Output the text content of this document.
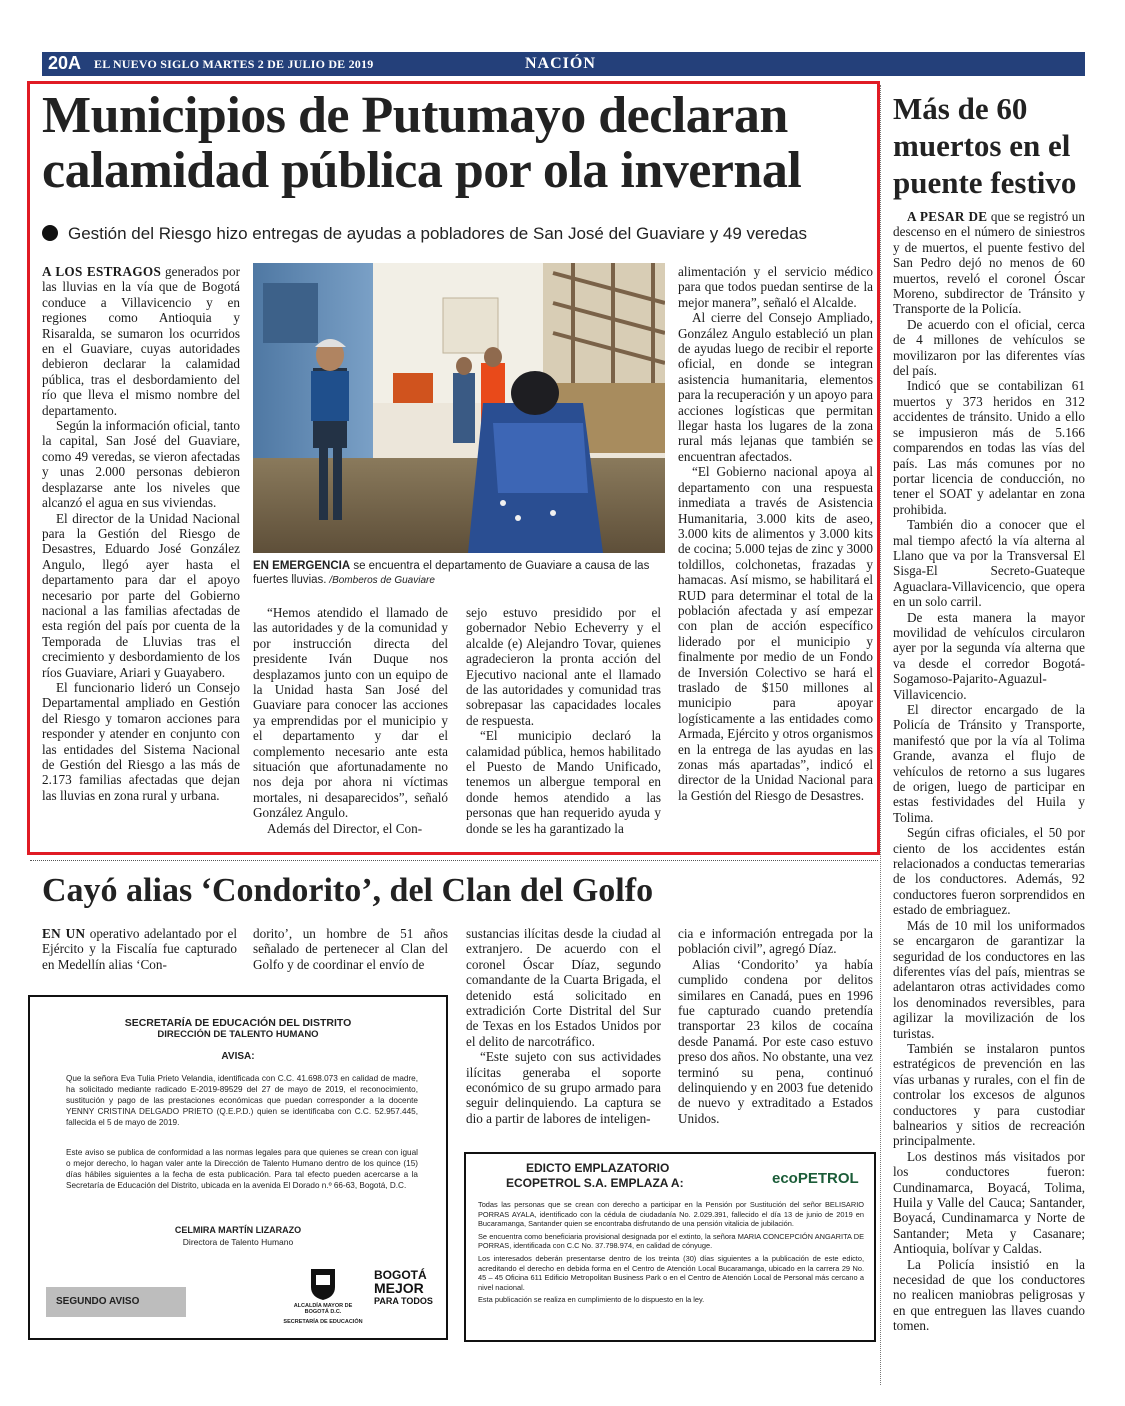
20A EL NUEVO SIGLO MARTES 2 DE JULIO DE 2019	NACIÓN
Municipios de Putumayo declaran calamidad pública por ola invernal
Gestión del Riesgo hizo entregas de ayudas a pobladores de San José del Guaviare y 49 veredas

A LOS ESTRAGOS generados por las lluvias en la vía que de Bogotá conduce a Villavicencio y en regiones como Antioquia y Risaralda, se sumaron los ocurridos en el Guaviare, cuyas autoridades debieron declarar la calamidad pública, tras el desbordamiento del río que lleva el mismo nombre del departamento.

Según la información oficial, tanto la capital, San José del Guaviare, como 49 veredas, se vieron afectadas y unas 2.000 personas debieron desplazarse ante los niveles que alcanzó el agua en sus viviendas.

El director de la Unidad Nacional para la Gestión del Riesgo de Desastres, Eduardo José González Angulo, llegó ayer hasta el departamento para dar el apoyo necesario por parte del Gobierno nacional a las familias afectadas de esta región del país por cuenta de la Temporada de Lluvias tras el crecimiento y desbordamiento de los ríos Guaviare, Ariari y Guayabero.

El funcionario lideró un Consejo Departamental ampliado en Gestión del Riesgo y tomaron acciones para responder y atender en conjunto con las entidades del Sistema Nacional de Gestión del Riesgo a las más de 2.173 familias afectadas que dejan las lluvias en zona rural y urbana.

EN EMERGENCIA se encuentra el departamento de Guaviare a causa de las fuertes lluvias. /Bomberos de Guaviare

“Hemos atendido el llamado de las autoridades y de la comunidad y por instrucción directa del presidente Iván Duque nos desplazamos junto con un equipo de la Unidad hasta San José del Guaviare para conocer las acciones ya emprendidas por el municipio y el departamento y dar el complemento necesario ante esta situación que afortunadamente no nos deja por ahora ni víctimas mortales, ni desaparecidos”, señaló González Angulo.

Además del Director, el Con-

sejo estuvo presidido por el gobernador Nebio Echeverry y el alcalde (e) Alejandro Tovar, quienes agradecieron la pronta acción del Ejecutivo nacional ante el llamado de las autoridades y comunidad tras sobrepasar las capacidades locales de respuesta.

“El municipio declaró la calamidad pública, hemos habilitado el Puesto de Mando Unificado, tenemos un albergue temporal en donde hemos atendido a las personas que han requerido ayuda y donde se les ha garantizado la

alimentación y el servicio médico para que todos puedan sentirse de la mejor manera”, señaló el Alcalde.

Al cierre del Consejo Ampliado, González Angulo estableció un plan de ayudas luego de recibir el reporte oficial, en donde se integran asistencia humanitaria, elementos para la recuperación y un apoyo para acciones logísticas que permitan llegar hasta los lugares de la zona rural más lejanas que también se encuentran afectados.

“El Gobierno nacional apoya al departamento con una respuesta inmediata a través de Asistencia Humanitaria, 3.000 kits de aseo, 3.000 kits de alimentos y 3.000 kits de cocina; 5.000 tejas de zinc y 3000 toldillos, colchonetas, frazadas y hamacas. Así mismo, se habilitará el RUD para determinar el total de la población afectada y así empezar con plan de acción específico liderado por el municipio y finalmente por medio de un Fondo de Inversión Colectivo se hará el traslado de $150 millones al municipio para apoyar logísticamente a las entidades como Armada, Ejército y otros organismos en la entrega de las ayudas en las zonas más apartadas”, indicó el director de la Unidad Nacional para la Gestión del Riesgo de Desastres.

Más de 60 muertos en el puente festivo

A PESAR DE que se registró un descenso en el número de siniestros y de muertos, el puente festivo del San Pedro dejó no menos de 60 muertos, reveló el coronel Óscar Moreno, subdirector de Tránsito y Transporte de la Policía.

De acuerdo con el oficial, cerca de 4 millones de vehículos se movilizaron por las diferentes vías del país.

Indicó que se contabilizan 61 muertos y 373 heridos en 312 accidentes de tránsito. Unido a ello se impusieron más de 5.166 comparendos en todas las vías del país. Las más comunes por no portar licencia de conducción, no tener el SOAT y adelantar en zona prohibida.

También dio a conocer que el mal tiempo afectó la vía alterna al Llano que va por la Transversal El Sisga-El Secreto-Guateque Aguaclara-Villavicencio, que opera en un solo carril.

De esta manera la mayor movilidad de vehículos circularon ayer por la segunda vía alterna que va desde el corredor Bogotá-Sogamoso-Pajarito-Aguazul-Villavicencio.

El director encargado de la Policía de Tránsito y Transporte, manifestó que por la vía al Tolima Grande, avanza el flujo de vehículos de retorno a sus lugares de origen, luego de participar en estas festividades del Huila y Tolima.

Según cifras oficiales, el 50 por ciento de los accidentes están relacionados a conductas temerarias de los conductores. Además, 92 conductores fueron sorprendidos en estado de embriaguez.

Más de 10 mil los uniformados se encargaron de garantizar la seguridad de los conductores en las diferentes vías del país, mientras se adelantaron otras actividades como los denominados reversibles, para agilizar la movilización de los turistas.

También se instalaron puntos estratégicos de prevención en las vías urbanas y rurales, con el fin de controlar los excesos de algunos conductores y para custodiar balnearios y sitios de recreación principalmente.

Los destinos más visitados por los conductores fueron: Cundinamarca, Boyacá, Tolima, Huila y Valle del Cauca; Santander, Boyacá, Cundinamarca y Norte de Santander; Meta y Casanare; Antioquia, bolívar y Caldas.

La Policía insistió en la necesidad de que los conductores no realicen maniobras peligrosas y en que entreguen las llaves cuando tomen.

Cayó alias ‘Condorito’, del Clan del Golfo

EN UN operativo adelantado por el Ejército y la Fiscalía fue capturado en Medellín alias ‘Con-

dorito’, un hombre de 51 años señalado de pertenecer al Clan del Golfo y de coordinar el envío de

sustancias ilícitas desde la ciudad al extranjero. De acuerdo con el coronel Óscar Díaz, segundo comandante de la Cuarta Brigada, el detenido está solicitado en extradición Corte Distrital del Sur de Texas en los Estados Unidos por el delito de narcotráfico.

“Este sujeto con sus actividades ilícitas generaba el soporte económico de su grupo armado para seguir delinquiendo. La captura se dio a partir de labores de inteligen-

cia e información entregada por la población civil”, agregó Díaz.

Alias ‘Condorito’ ya había cumplido condena por delitos similares en Canadá, pues en 1996 fue capturado cuando pretendía transportar 23 kilos de cocaína desde Panamá. Por este caso estuvo preso dos años. No obstante, una vez terminó su pena, continuó delinquiendo y en 2003 fue detenido de nuevo y extraditado a Estados Unidos.

SECRETARÍA DE EDUCACIÓN DEL DISTRITO
DIRECCIÓN DE TALENTO HUMANO
AVISA:
Que la señora Eva Tulia Prieto Velandia, identificada con C.C. 41.698.073 en calidad de madre, ha solicitado mediante radicado E-2019-89529 del 27 de mayo de 2019, el reconocimiento, sustitución y pago de las prestaciones económicas que puedan corresponder a la docente YENNY CRISTINA DELGADO PRIETO (Q.E.P.D.) quien se identificaba con C.C. 52.957.445, fallecida el 5 de mayo de 2019.
Este aviso se publica de conformidad a las normas legales para que quienes se crean con igual o mejor derecho, lo hagan valer ante la Dirección de Talento Humano dentro de los quince (15) días hábiles siguientes a la fecha de esta publicación. Para tal efecto pueden acercarse a la Secretaría de Educación del Distrito, ubicada en la avenida El Dorado n.º 66-63, Bogotá, D.C.
CELMIRA MARTÍN LIZARAZO
Directora de Talento Humano
SEGUNDO AVISO	ALCALDÍA MAYOR DE BOGOTÁ D.C.
SECRETARÍA DE EDUCACIÓN
BOGOTÁ
MEJOR
PARA TODOS
EDICTO EMPLAZATORIO
ECOPETROL S.A. EMPLAZA A:	ecoPETROL

Todas las personas que se crean con derecho a participar en la Pensión por Sustitución del señor BELISARIO PORRAS AYALA, identificado con la cédula de ciudadanía No. 2.029.391, fallecido el día 13 de junio de 2019 en Bucaramanga, Santander quien se encontraba disfrutando de una pensión vitalicia de jubilación.

Se encuentra como beneficiaria provisional designada por el extinto, la señora MARIA CONCEPCIÓN ANGARITA DE PORRAS, identificada con C.C No. 37.798.974, en calidad de cónyuge.

Los interesados deberán presentarse dentro de los treinta (30) días siguientes a la publicación de este edicto, acreditando el derecho en debida forma en el Centro de Atención Local Bucaramanga, ubicado en la carrera 29 No. 45 – 45 Oficina 611 Edificio Metropolitan Business Park o en el Centro de Atención Local de Personal más cercano a nivel nacional.

Esta publicación se realiza en cumplimiento de lo dispuesto en la ley.
